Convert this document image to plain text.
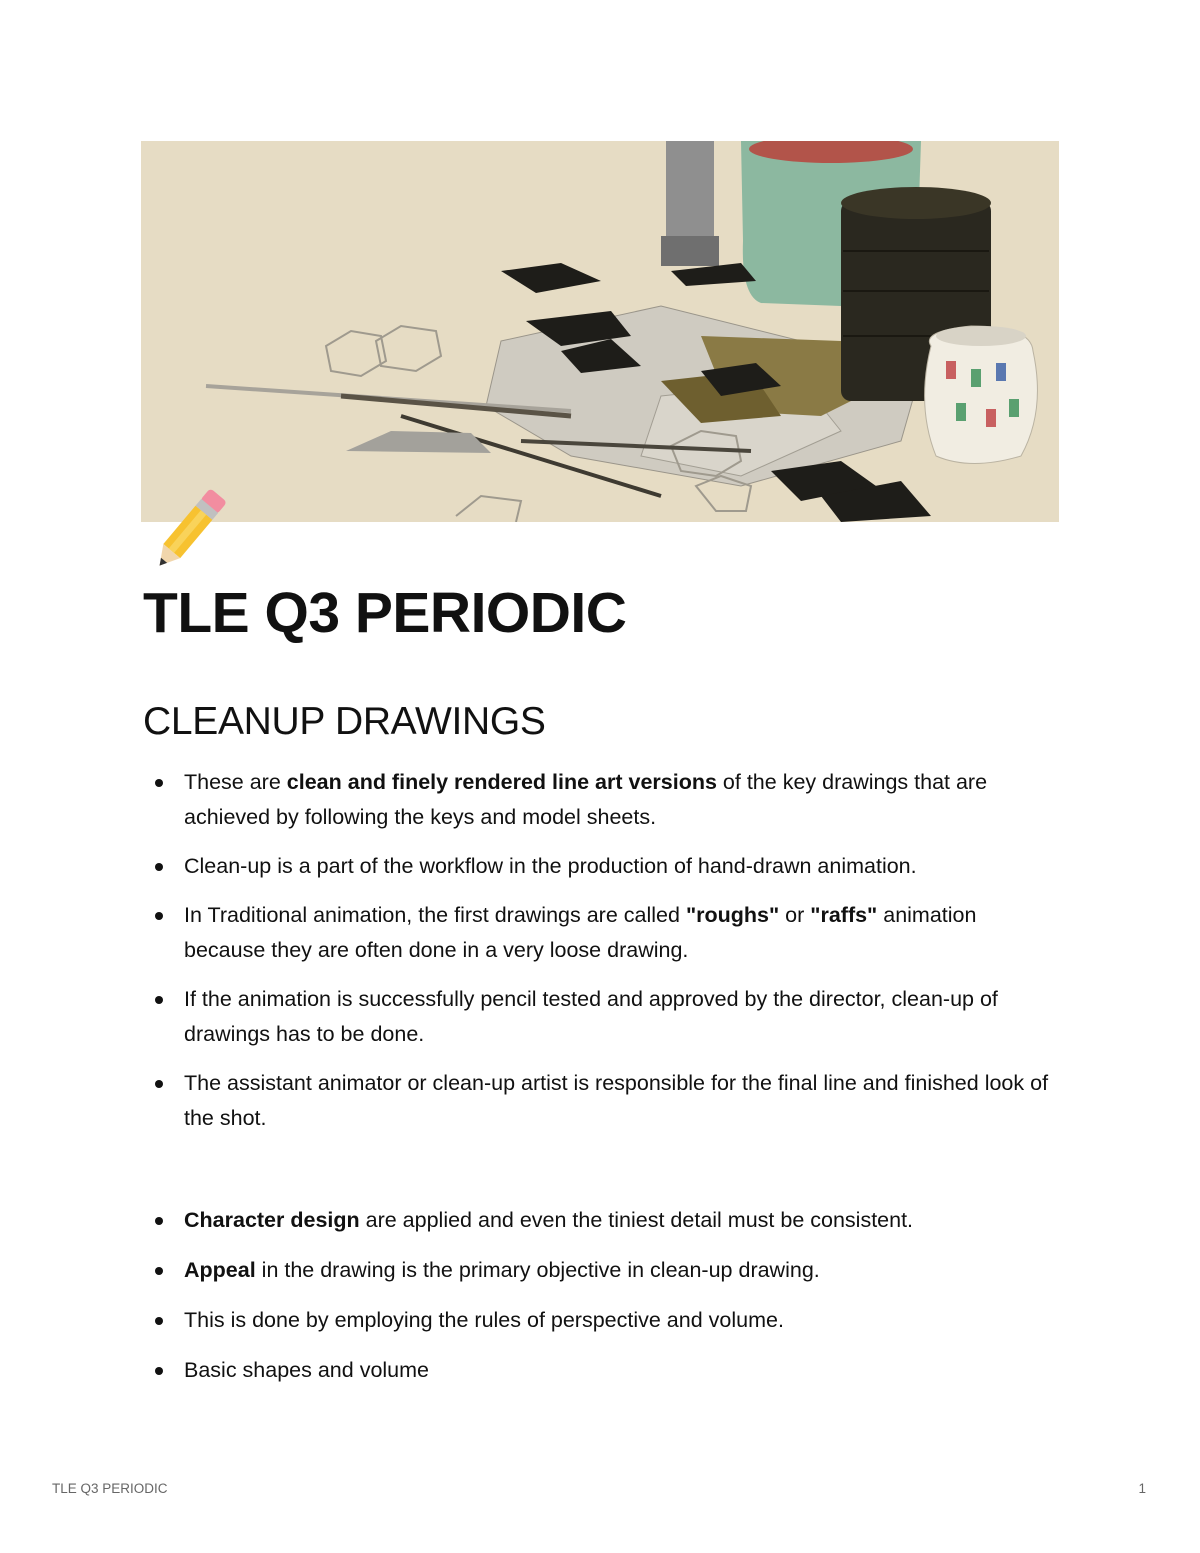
TLE Q3 PERIODIC
CLEANUP DRAWINGS
These are clean and finely rendered line art versions of the key drawings that are achieved by following the keys and model sheets.
Clean-up is a part of the workflow in the production of hand-drawn animation.
In Traditional animation, the first drawings are called "roughs" or "raffs" animation because they are often done in a very loose drawing.
If the animation is successfully pencil tested and approved by the director, clean-up of drawings has to be done.
The assistant animator or clean-up artist is responsible for the final line and finished look of the shot.
Character design are applied and even the tiniest detail must be consistent.
Appeal in the drawing is the primary objective in clean-up drawing.
This is done by employing the rules of perspective and volume.
Basic shapes and volume
TLE Q3 PERIODIC	1
